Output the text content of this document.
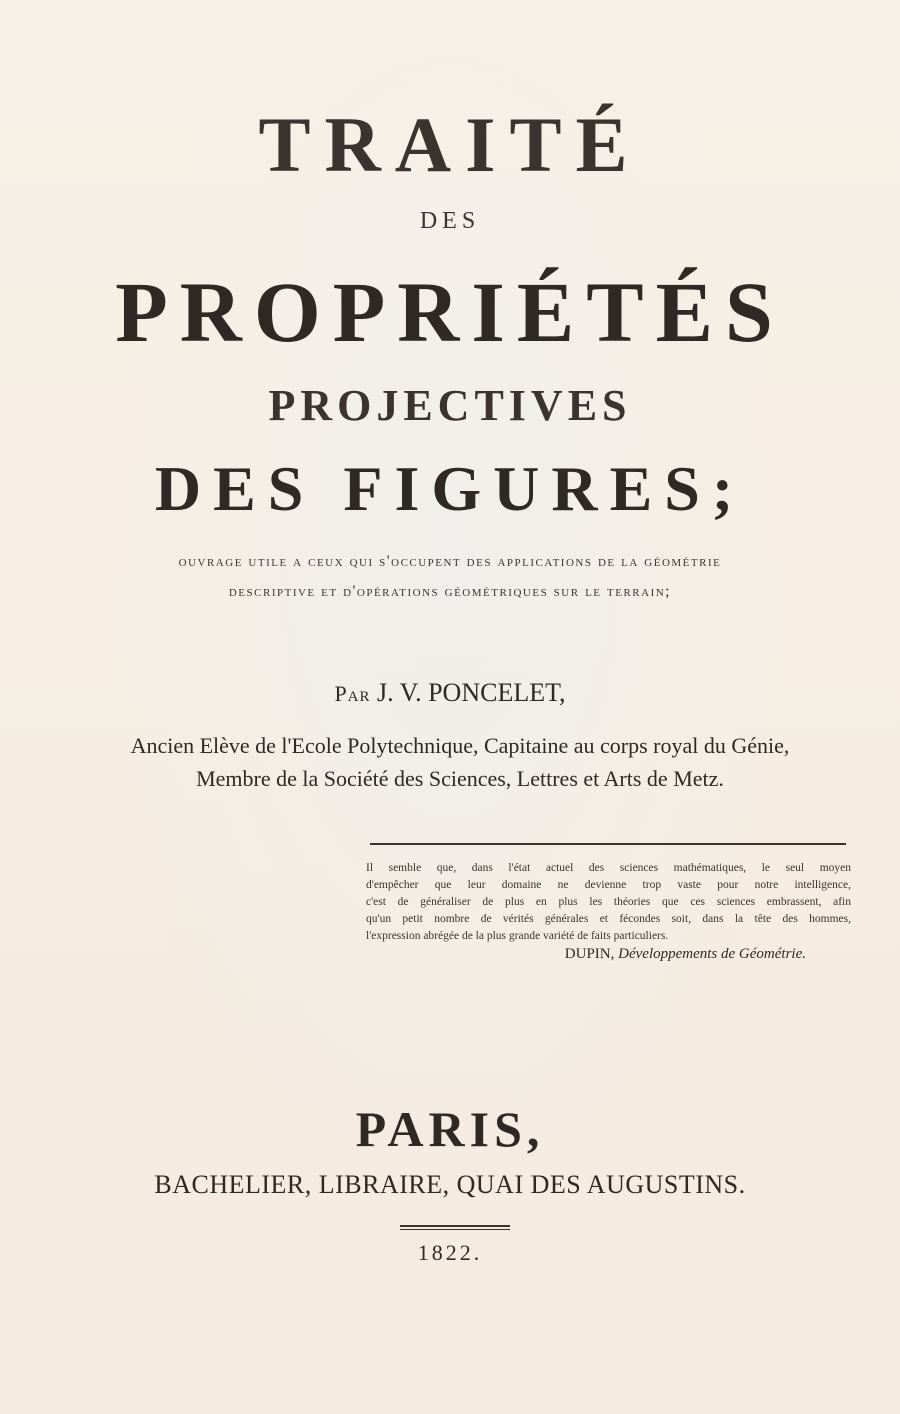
TRAITÉ
DES
PROPRIÉTÉS
PROJECTIVES
DES FIGURES;
ouvrage utile a ceux qui s'occupent des applications de la géométrie
descriptive et d'opérations géométriques sur le terrain;
Par J. V. PONCELET,
Ancien Elève de l'Ecole Polytechnique, Capitaine au corps royal du Génie,
Membre de la Société des Sciences, Lettres et Arts de Metz.

Il semble que, dans l'état actuel des sciences mathématiques, le seul moyen

d'empêcher que leur domaine ne devienne trop vaste pour notre intelligence,

c'est de généraliser de plus en plus les théories que ces sciences embrassent, afin

qu'un petit nombre de vérités générales et fécondes soit, dans la tête des hommes,

l'expression abrégée de la plus grande variété de faits particuliers.

DUPIN, Développements de Géométrie.
PARIS,
BACHELIER, LIBRAIRE, QUAI DES AUGUSTINS.
1822.
